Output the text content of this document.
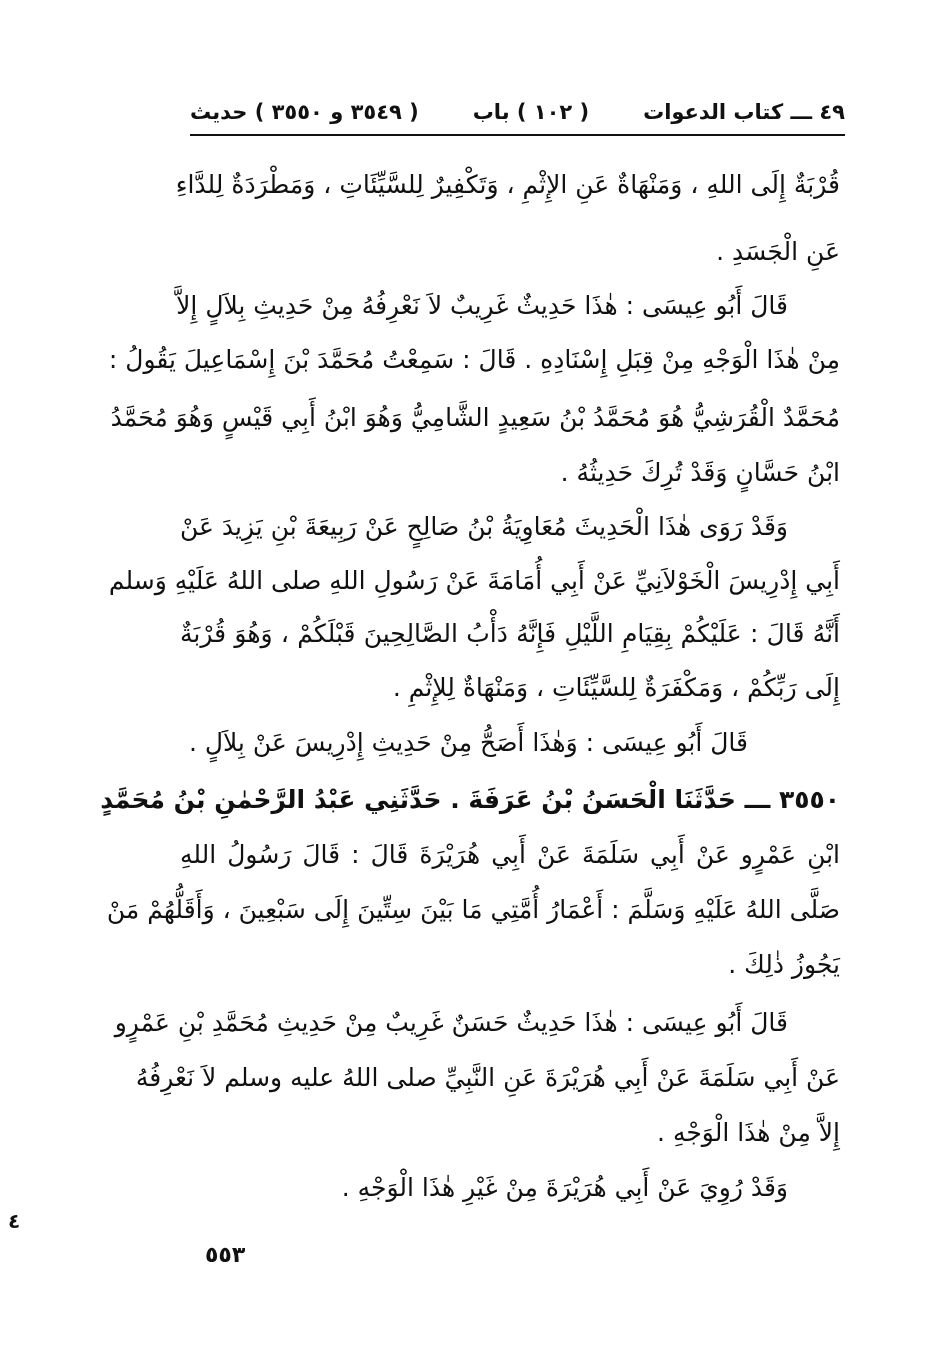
٤٩ ـــ كتاب الدعوات
( ١٠٢ ) باب
( ٣٥٤٩ و ٣٥٥٠ ) حديث
قُرْبَةٌ إِلَى اللهِ ، وَمَنْهَاةٌ عَنِ الإِثْمِ ، وَتَكْفِيرٌ لِلسَّيِّئَاتِ ، وَمَطْرَدَةٌ لِلدَّاءِ
عَنِ الْجَسَدِ .
قَالَ أَبُو عِيسَى : هٰذَا حَدِيثٌ غَرِيبٌ لاَ نَعْرِفُهُ مِنْ حَدِيثِ بِلاَلٍ إِلاَّ
مِنْ هٰذَا الْوَجْهِ مِنْ قِبَلِ إِسْنَادِهِ . قَالَ : سَمِعْتُ مُحَمَّدَ بْنَ إِسْمَاعِيلَ يَقُولُ :
مُحَمَّدٌ الْقُرَشِيُّ هُوَ مُحَمَّدُ بْنُ سَعِيدٍ الشَّامِيُّ وَهُوَ ابْنُ أَبِي قَيْسٍ وَهُوَ مُحَمَّدُ
ابْنُ حَسَّانٍ وَقَدْ تُرِكَ حَدِيثُهُ .
وَقَدْ رَوَى هٰذَا الْحَدِيثَ مُعَاوِيَةُ بْنُ صَالِحٍ عَنْ رَبِيعَةَ بْنِ يَزِيدَ عَنْ
أَبِي إِدْرِيسَ الْخَوْلاَنِيِّ عَنْ أَبِي أُمَامَةَ عَنْ رَسُولِ اللهِ صلى اللهُ عَلَيْهِ وَسلم
أَنَّهُ قَالَ : عَلَيْكُمْ بِقِيَامِ اللَّيْلِ فَإِنَّهُ دَأْبُ الصَّالِحِينَ قَبْلَكُمْ ، وَهُوَ قُرْبَةٌ
إِلَى رَبِّكُمْ ، وَمَكْفَرَةٌ لِلسَّيِّئَاتِ ، وَمَنْهَاةٌ لِلإِثْمِ .
قَالَ أَبُو عِيسَى : وَهٰذَا أَصَحُّ مِنْ حَدِيثِ إِدْرِيسَ عَنْ بِلاَلٍ .
٣٥٥٠ ـــ حَدَّثَنَا الْحَسَنُ بْنُ عَرَفَةَ . حَدَّثَنِي عَبْدُ الرَّحْمٰنِ بْنُ مُحَمَّدٍ
ابْنِ عَمْرٍو عَنْ أَبِي سَلَمَةَ عَنْ أَبِي هُرَيْرَةَ قَالَ : قَالَ رَسُولُ اللهِ
صَلَّى اللهُ عَلَيْهِ وَسَلَّمَ : أَعْمَارُ أُمَّتِي مَا بَيْنَ سِتِّينَ إِلَى سَبْعِينَ ، وَأَقَلُّهُمْ مَنْ
يَجُوزُ ذٰلِكَ .
قَالَ أَبُو عِيسَى : هٰذَا حَدِيثٌ حَسَنٌ غَرِيبٌ مِنْ حَدِيثِ مُحَمَّدِ بْنِ عَمْرٍو
عَنْ أَبِي سَلَمَةَ عَنْ أَبِي هُرَيْرَةَ عَنِ النَّبِيِّ صلى اللهُ عليه وسلم لاَ نَعْرِفُهُ
إِلاَّ مِنْ هٰذَا الْوَجْهِ .
وَقَدْ رُوِيَ عَنْ أَبِي هُرَيْرَةَ مِنْ غَيْرِ هٰذَا الْوَجْهِ .
٥٥٣
٤
